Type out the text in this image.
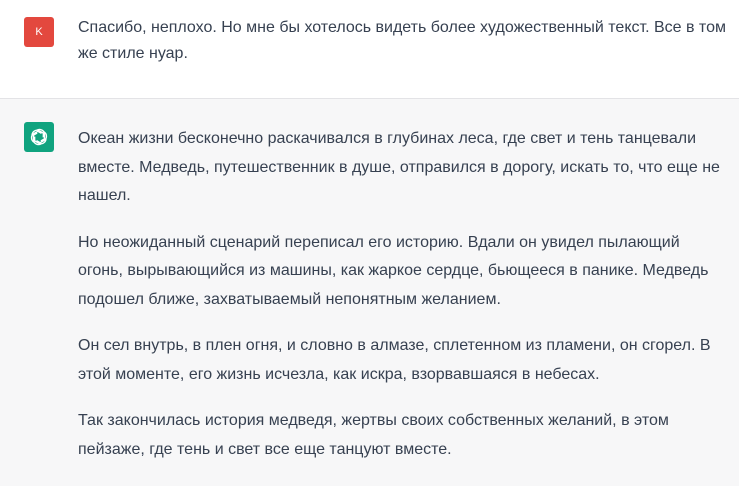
K	Спасибо, неплохо. Но мне бы хотелось видеть более художественный текст. Все в том же стиле нуар.

Океан жизни бесконечно раскачивался в глубинах леса, где свет и тень танцевали вместе. Медведь, путешественник в душе, отправился в дорогу, искать то, что еще не нашел.

Но неожиданный сценарий переписал его историю. Вдали он увидел пылающий огонь, вырывающийся из машины, как жаркое сердце, бьющееся в панике. Медведь подошел ближе, захватываемый непонятным желанием.

Он сел внутрь, в плен огня, и словно в алмазе, сплетенном из пламени, он сгорел. В этой моменте, его жизнь исчезла, как искра, взорвавшаяся в небесах.

Так закончилась история медведя, жертвы своих собственных желаний, в этом пейзаже, где тень и свет все еще танцуют вместе.
